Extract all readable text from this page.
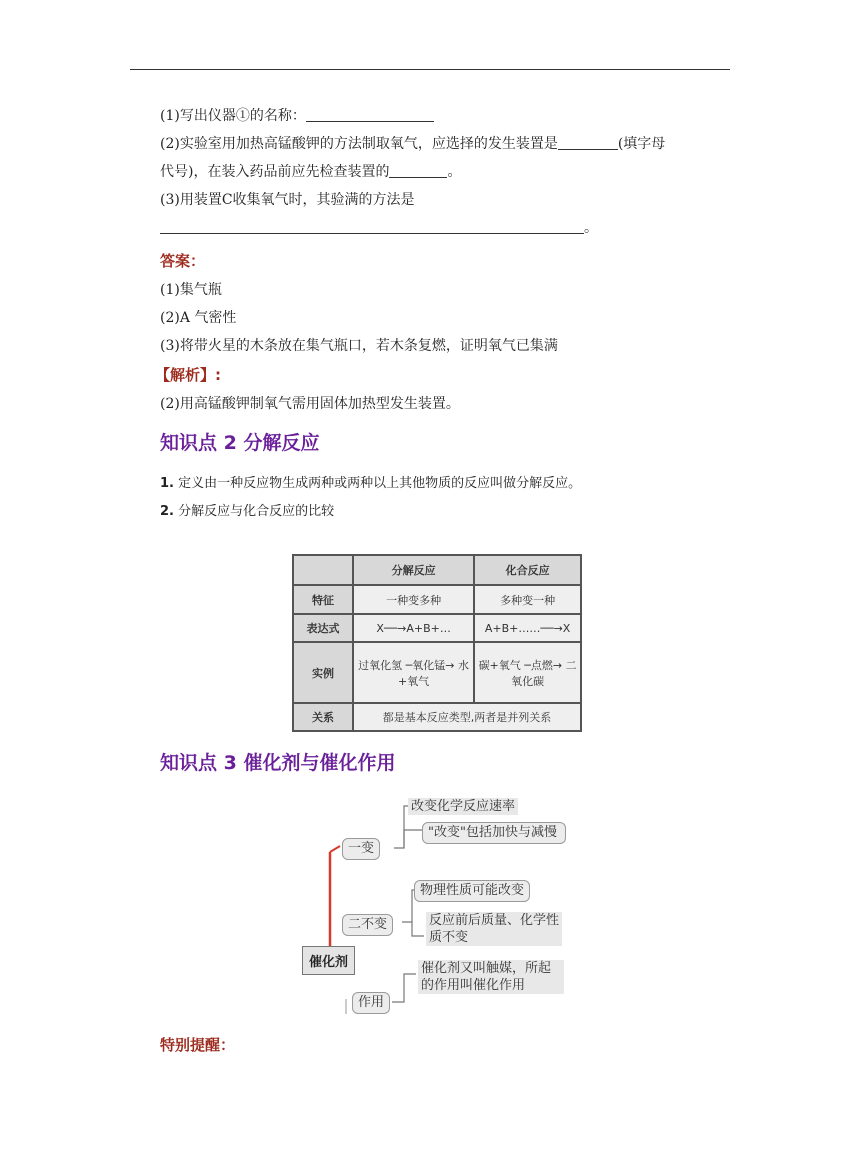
(1)写出仪器①的名称：
(2)实验室用加热高锰酸钾的方法制取氧气，应选择的发生装置是	(填字母
代号)，在装入药品前应先检查装置的	。
(3)用装置C收集氧气时，其验满的方法是
。
答案：
(1)集气瓶
(2)A 气密性
(3)将带火星的木条放在集气瓶口，若木条复燃，证明氧气已集满
【解析】:
(2)用高锰酸钾制氧气需用固体加热型发生装置。
知识点 2 分解反应
1. 定义由一种反应物生成两种或两种以上其他物质的反应叫做分解反应。
2. 分解反应与化合反应的比较
	分解反应	化合反应
特征	一种变多种	多种变一种
表达式	X──→A+B+…	A+B+……──→X
实例	过氧化氢 ─氧化锰→ 水+氧气	碳+氧气 ─点燃→ 二氧化碳
关系	都是基本反应类型,两者是并列关系	
知识点 3 催化剂与催化作用
催化剂
一变
改变化学反应速率
"改变"包括加快与减慢
二不变
物理性质可能改变
反应前后质量、化学性质不变
作用
催化剂又叫触媒，所起的作用叫催化作用
特别提醒：
